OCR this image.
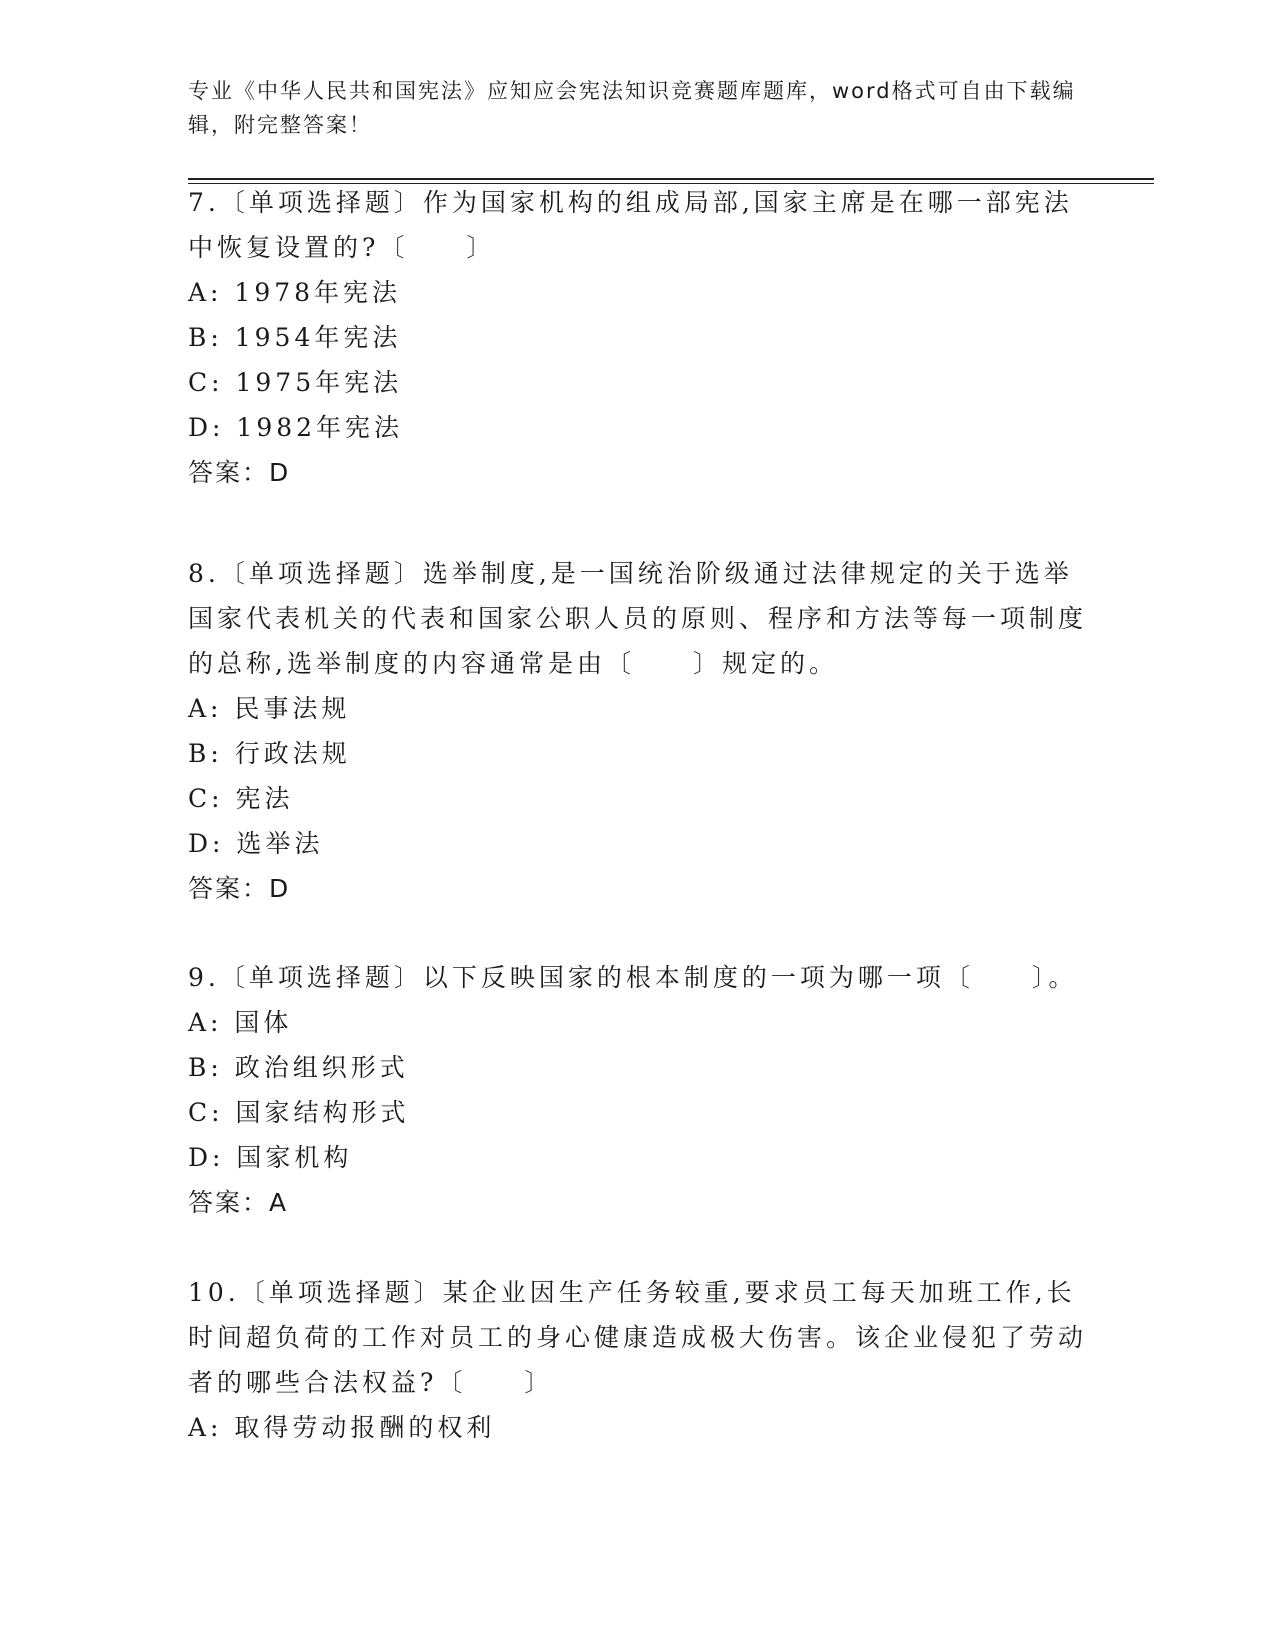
专业《中华人民共和国宪法》应知应会宪法知识竞赛题库题库，word格式可自由下载编辑，附完整答案！

7.〔单项选择题〕作为国家机构的组成局部,国家主席是在哪一部宪法中恢复设置的?〔　　〕

A: 1978年宪法

B: 1954年宪法

C: 1975年宪法

D: 1982年宪法

答案：D

8.〔单项选择题〕选举制度,是一国统治阶级通过法律规定的关于选举国家代表机关的代表和国家公职人员的原则、程序和方法等每一项制度的总称,选举制度的内容通常是由〔　　〕规定的。

A: 民事法规

B: 行政法规

C: 宪法

D: 选举法

答案：D

9.〔单项选择题〕以下反映国家的根本制度的一项为哪一项〔　　〕。

A: 国体

B: 政治组织形式

C: 国家结构形式

D: 国家机构

答案：A

10.〔单项选择题〕某企业因生产任务较重,要求员工每天加班工作,长时间超负荷的工作对员工的身心健康造成极大伤害。该企业侵犯了劳动者的哪些合法权益?〔　　〕

A: 取得劳动报酬的权利
